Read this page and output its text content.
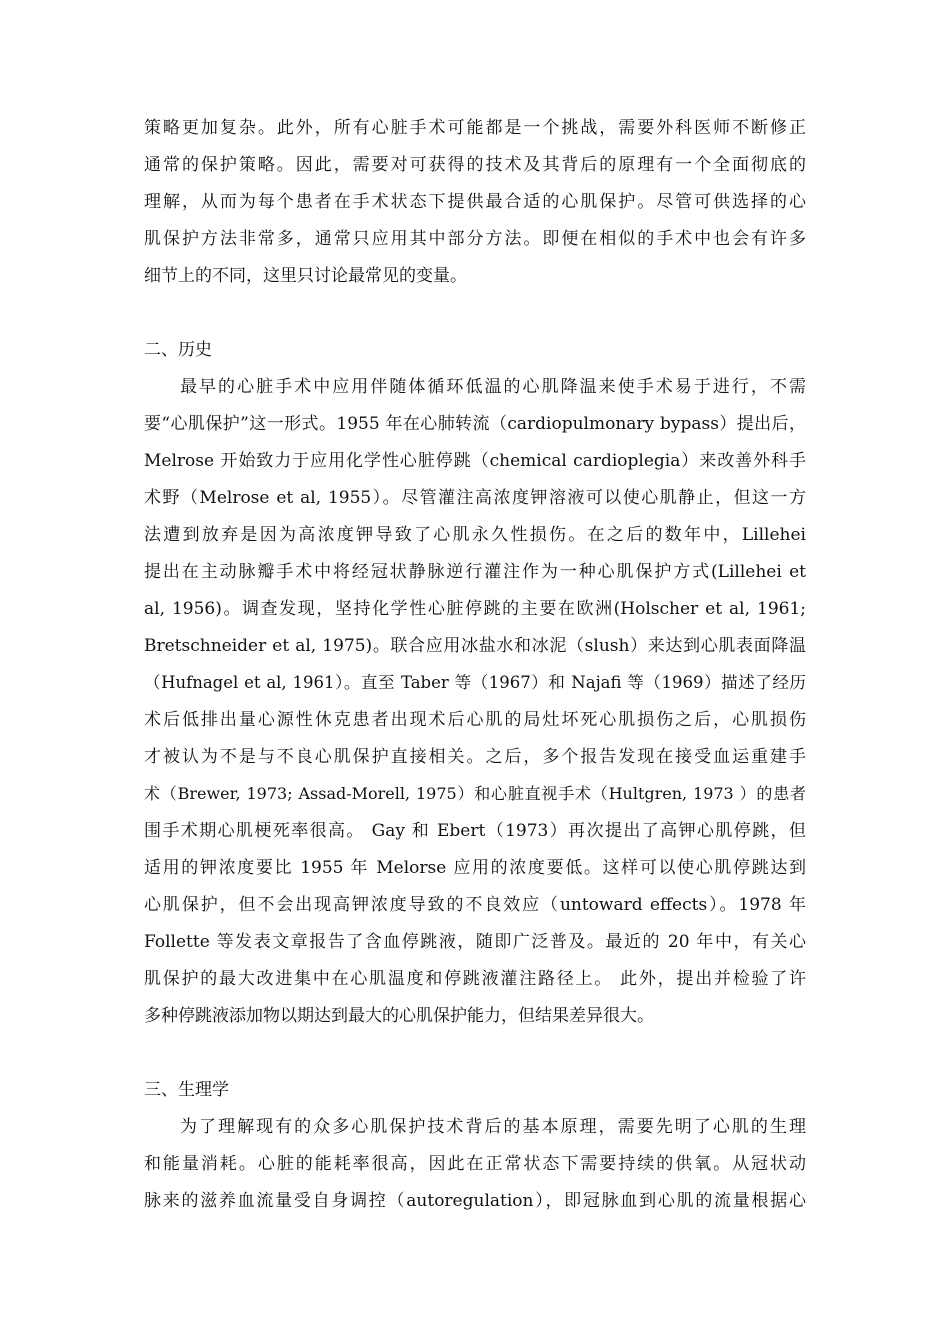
策略更加复杂。此外，所有心脏手术可能都是一个挑战，需要外科医师不断修正
通常的保护策略。因此，需要对可获得的技术及其背后的原理有一个全面彻底的
理解，从而为每个患者在手术状态下提供最合适的心肌保护。尽管可供选择的心
肌保护方法非常多，通常只应用其中部分方法。即便在相似的手术中也会有许多
细节上的不同，这里只讨论最常见的变量。
二、历史
最早的心脏手术中应用伴随体循环低温的心肌降温来使手术易于进行，不需
要“心肌保护”这一形式。1955 年在心肺转流（cardiopulmonary bypass）提出后，
Melrose 开始致力于应用化学性心脏停跳（chemical cardioplegia）来改善外科手
术野（Melrose et al, 1955）。尽管灌注高浓度钾溶液可以使心肌静止，但这一方
法遭到放弃是因为高浓度钾导致了心肌永久性损伤。在之后的数年中，Lillehei
提出在主动脉瓣手术中将经冠状静脉逆行灌注作为一种心肌保护方式(Lillehei et
al, 1956)。调查发现，坚持化学性心脏停跳的主要在欧洲(Holscher et al, 1961;
Bretschneider et al, 1975)。联合应用冰盐水和冰泥（slush）来达到心肌表面降温
（Hufnagel et al, 1961）。直至 Taber 等（1967）和 Najafi 等（1969）描述了经历
术后低排出量心源性休克患者出现术后心肌的局灶坏死心肌损伤之后，心肌损伤
才被认为不是与不良心肌保护直接相关。之后，多个报告发现在接受血运重建手
术（Brewer, 1973; Assad-Morell, 1975）和心脏直视手术（Hultgren, 1973 ）的患者
围手术期心肌梗死率很高。 Gay 和 Ebert（1973）再次提出了高钾心肌停跳，但
适用的钾浓度要比 1955 年 Melorse 应用的浓度要低。这样可以使心肌停跳达到
心肌保护，但不会出现高钾浓度导致的不良效应（untoward effects）。1978 年
Follette 等发表文章报告了含血停跳液，随即广泛普及。最近的 20 年中，有关心
肌保护的最大改进集中在心肌温度和停跳液灌注路径上。 此外，提出并检验了许
多种停跳液添加物以期达到最大的心肌保护能力，但结果差异很大。
三、生理学
为了理解现有的众多心肌保护技术背后的基本原理，需要先明了心肌的生理
和能量消耗。心脏的能耗率很高，因此在正常状态下需要持续的供氧。从冠状动
脉来的滋养血流量受自身调控（autoregulation），即冠脉血到心肌的流量根据心
